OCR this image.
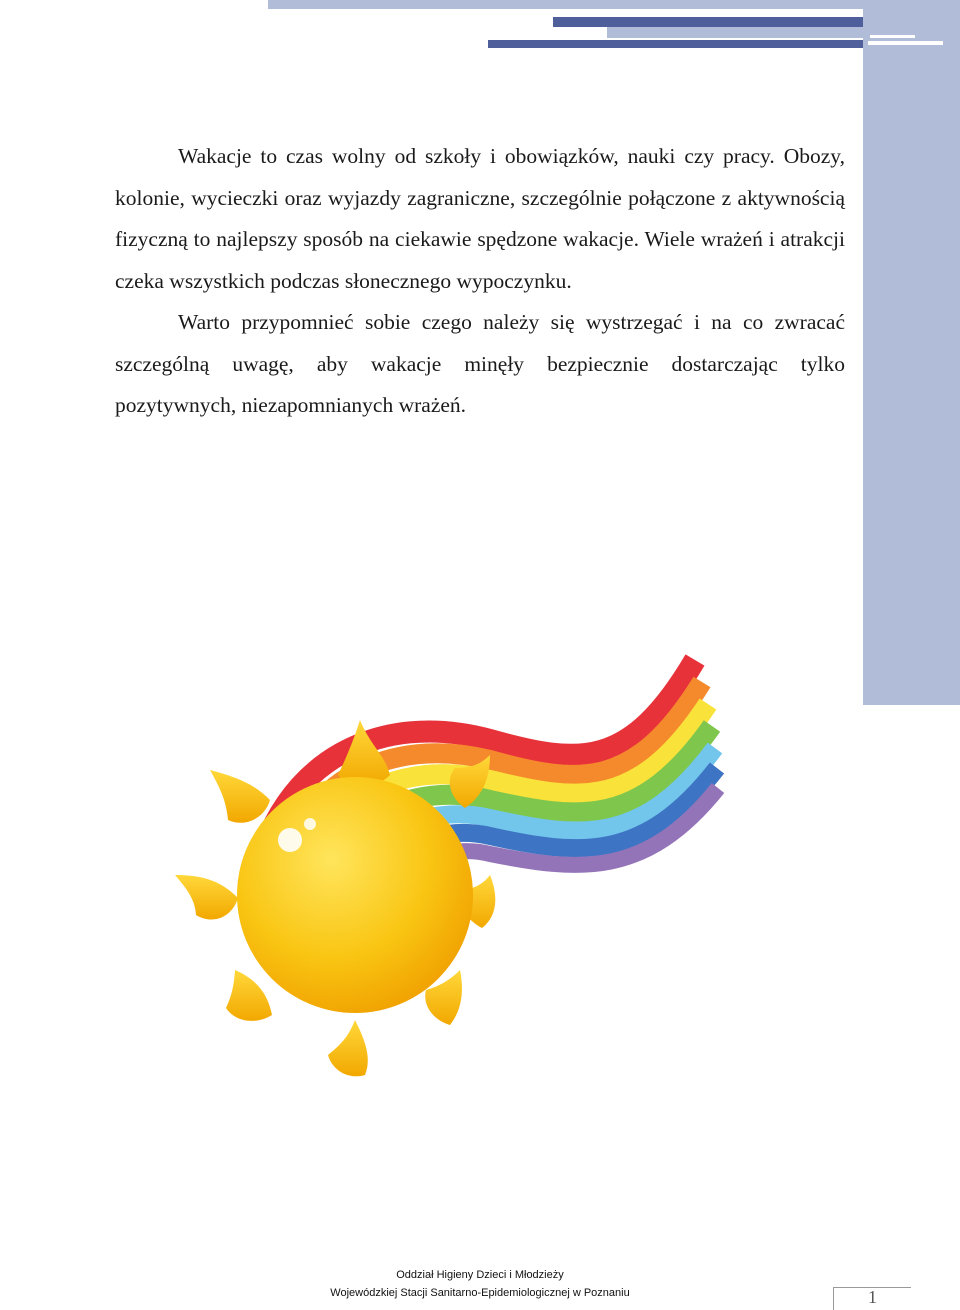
Wakacje to czas wolny od szkoły i obowiązków, nauki czy pracy. Obozy, kolonie, wycieczki oraz wyjazdy zagraniczne, szczególnie połączone z aktywnością fizyczną to najlepszy sposób na ciekawie spędzone wakacje. Wiele wrażeń i atrakcji czeka wszystkich podczas słonecznego wypoczynku.

Warto przypomnieć sobie czego należy się wystrzegać i na co zwracać szczególną uwagę, aby wakacje minęły bezpiecznie dostarczając tylko pozytywnych, niezapomnianych wrażeń.

Oddział Higieny Dzieci i Młodzieży
Wojewódzkiej Stacji Sanitarno-Epidemiologicznej w Poznaniu	1
